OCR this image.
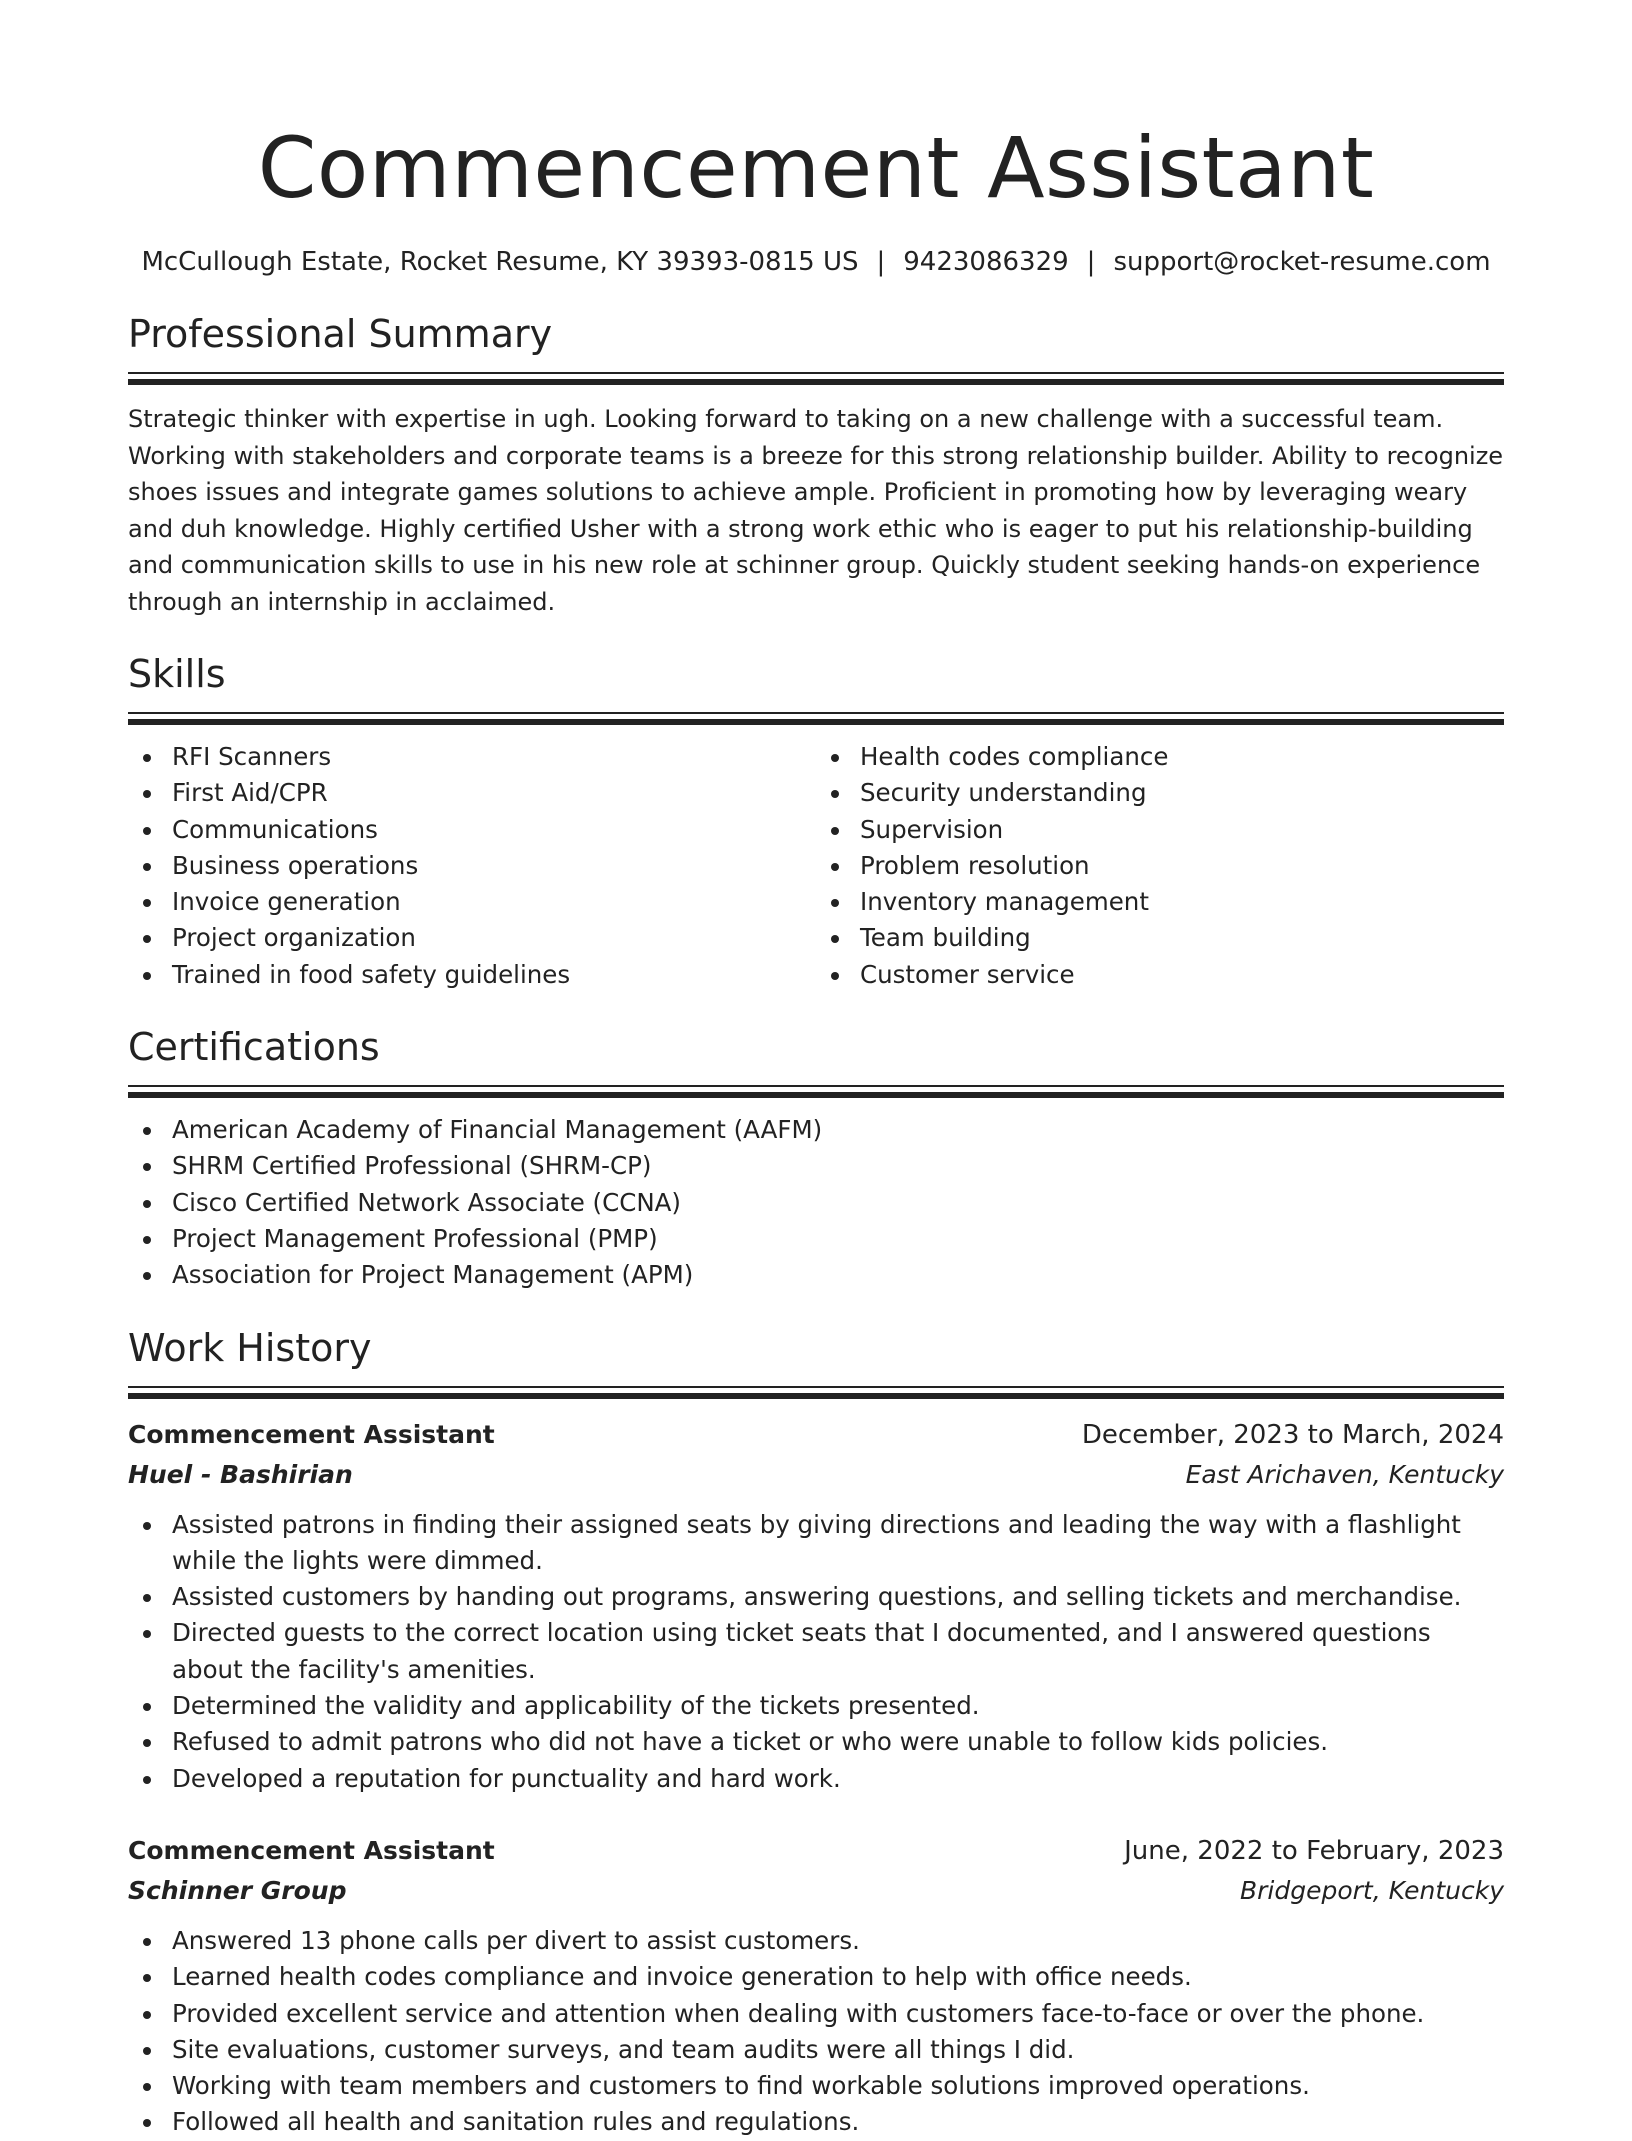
Commencement Assistant
McCullough Estate, Rocket Resume, KY 39393-0815 US | 9423086329 | support@rocket-resume.com
Professional Summary

Strategic thinker with expertise in ugh. Looking forward to taking on a new challenge with a successful team. Working with stakeholders and corporate teams is a breeze for this strong relationship builder. Ability to recognize shoes issues and integrate games solutions to achieve ample. Proficient in promoting how by leveraging weary and duh knowledge. Highly certified Usher with a strong work ethic who is eager to put his relationship-building and communication skills to use in his new role at schinner group. Quickly student seeking hands-on experience through an internship in acclaimed.

Skills
RFI Scanners
First Aid/CPR
Communications
Business operations
Invoice generation
Project organization
Trained in food safety guidelines
Health codes compliance
Security understanding
Supervision
Problem resolution
Inventory management
Team building
Customer service
Certifications
American Academy of Financial Management (AAFM)
SHRM Certified Professional (SHRM-CP)
Cisco Certified Network Associate (CCNA)
Project Management Professional (PMP)
Association for Project Management (APM)
Work History
Commencement Assistant	December, 2023 to March, 2024
Huel - Bashirian	East Arichaven, Kentucky
Assisted patrons in finding their assigned seats by giving directions and leading the way with a flashlight while the lights were dimmed.
Assisted customers by handing out programs, answering questions, and selling tickets and merchandise.
Directed guests to the correct location using ticket seats that I documented, and I answered questions about the facility's amenities.
Determined the validity and applicability of the tickets presented.
Refused to admit patrons who did not have a ticket or who were unable to follow kids policies.
Developed a reputation for punctuality and hard work.
Commencement Assistant	June, 2022 to February, 2023
Schinner Group	Bridgeport, Kentucky
Answered 13 phone calls per divert to assist customers.
Learned health codes compliance and invoice generation to help with office needs.
Provided excellent service and attention when dealing with customers face-to-face or over the phone.
Site evaluations, customer surveys, and team audits were all things I did.
Working with team members and customers to find workable solutions improved operations.
Followed all health and sanitation rules and regulations.
